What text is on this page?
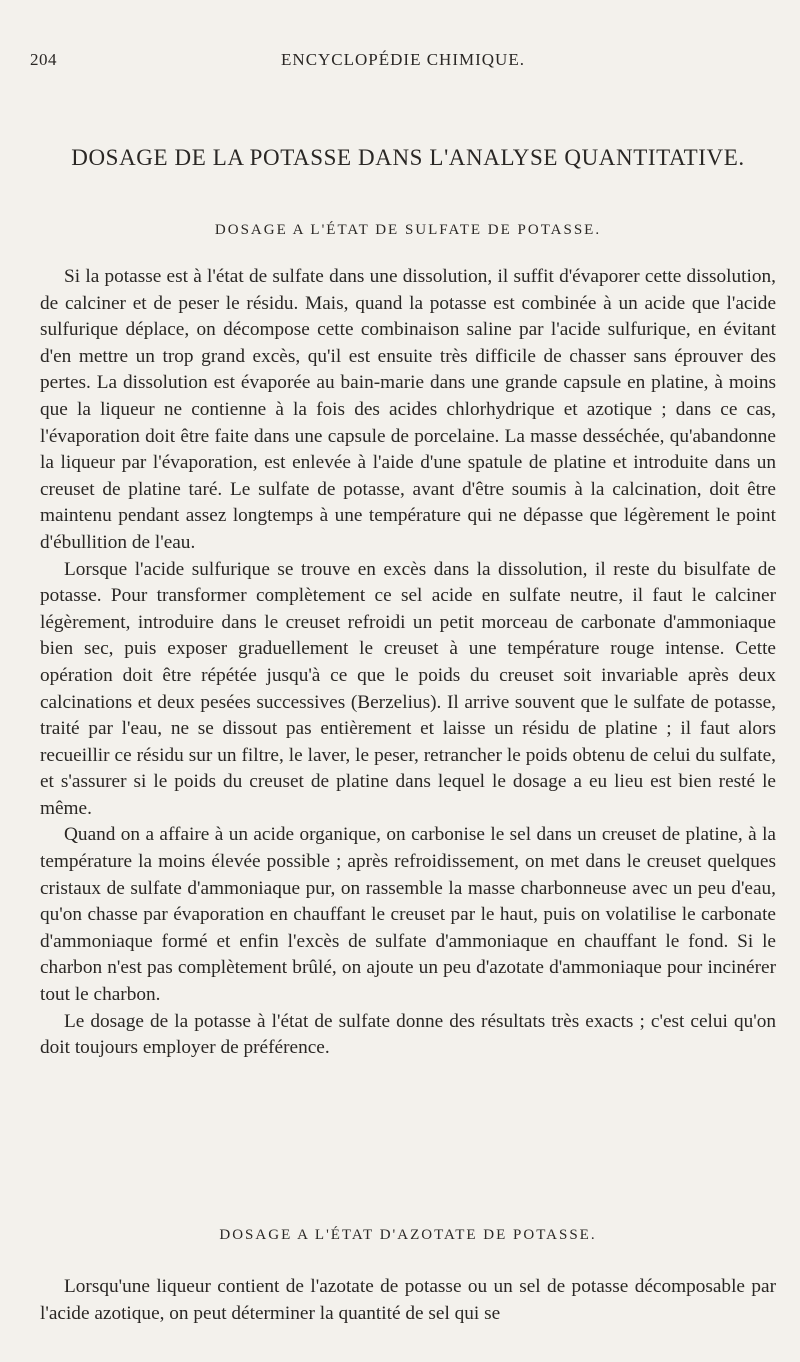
204	ENCYCLOPÉDIE CHIMIQUE.
DOSAGE DE LA POTASSE DANS L'ANALYSE QUANTITATIVE.
DOSAGE A L'ÉTAT DE SULFATE DE POTASSE.

Si la potasse est à l'état de sulfate dans une dissolution, il suffit d'évaporer cette dissolution, de calciner et de peser le résidu. Mais, quand la potasse est combinée à un acide que l'acide sulfurique déplace, on décompose cette combinaison saline par l'acide sulfurique, en évitant d'en mettre un trop grand excès, qu'il est ensuite très difficile de chasser sans éprouver des pertes. La dissolution est évaporée au bain-marie dans une grande capsule en platine, à moins que la liqueur ne contienne à la fois des acides chlorhydrique et azotique ; dans ce cas, l'évaporation doit être faite dans une capsule de porcelaine. La masse desséchée, qu'abandonne la liqueur par l'évaporation, est enlevée à l'aide d'une spatule de platine et introduite dans un creuset de platine taré. Le sulfate de potasse, avant d'être soumis à la calcination, doit être maintenu pendant assez longtemps à une température qui ne dépasse que légèrement le point d'ébullition de l'eau.

Lorsque l'acide sulfurique se trouve en excès dans la dissolution, il reste du bisulfate de potasse. Pour transformer complètement ce sel acide en sulfate neutre, il faut le calciner légèrement, introduire dans le creuset refroidi un petit morceau de carbonate d'ammoniaque bien sec, puis exposer graduellement le creuset à une température rouge intense. Cette opération doit être répétée jusqu'à ce que le poids du creuset soit invariable après deux calcinations et deux pesées successives (Berzelius). Il arrive souvent que le sulfate de potasse, traité par l'eau, ne se dissout pas entièrement et laisse un résidu de platine ; il faut alors recueillir ce résidu sur un filtre, le laver, le peser, retrancher le poids obtenu de celui du sulfate, et s'assurer si le poids du creuset de platine dans lequel le dosage a eu lieu est bien resté le même.

Quand on a affaire à un acide organique, on carbonise le sel dans un creuset de platine, à la température la moins élevée possible ; après refroidissement, on met dans le creuset quelques cristaux de sulfate d'ammoniaque pur, on rassemble la masse charbonneuse avec un peu d'eau, qu'on chasse par évaporation en chauffant le creuset par le haut, puis on volatilise le carbonate d'ammoniaque formé et enfin l'excès de sulfate d'ammoniaque en chauffant le fond. Si le charbon n'est pas complètement brûlé, on ajoute un peu d'azotate d'ammoniaque pour incinérer tout le charbon.

Le dosage de la potasse à l'état de sulfate donne des résultats très exacts ; c'est celui qu'on doit toujours employer de préférence.

DOSAGE A L'ÉTAT D'AZOTATE DE POTASSE.

Lorsqu'une liqueur contient de l'azotate de potasse ou un sel de potasse décomposable par l'acide azotique, on peut déterminer la quantité de sel qui se
